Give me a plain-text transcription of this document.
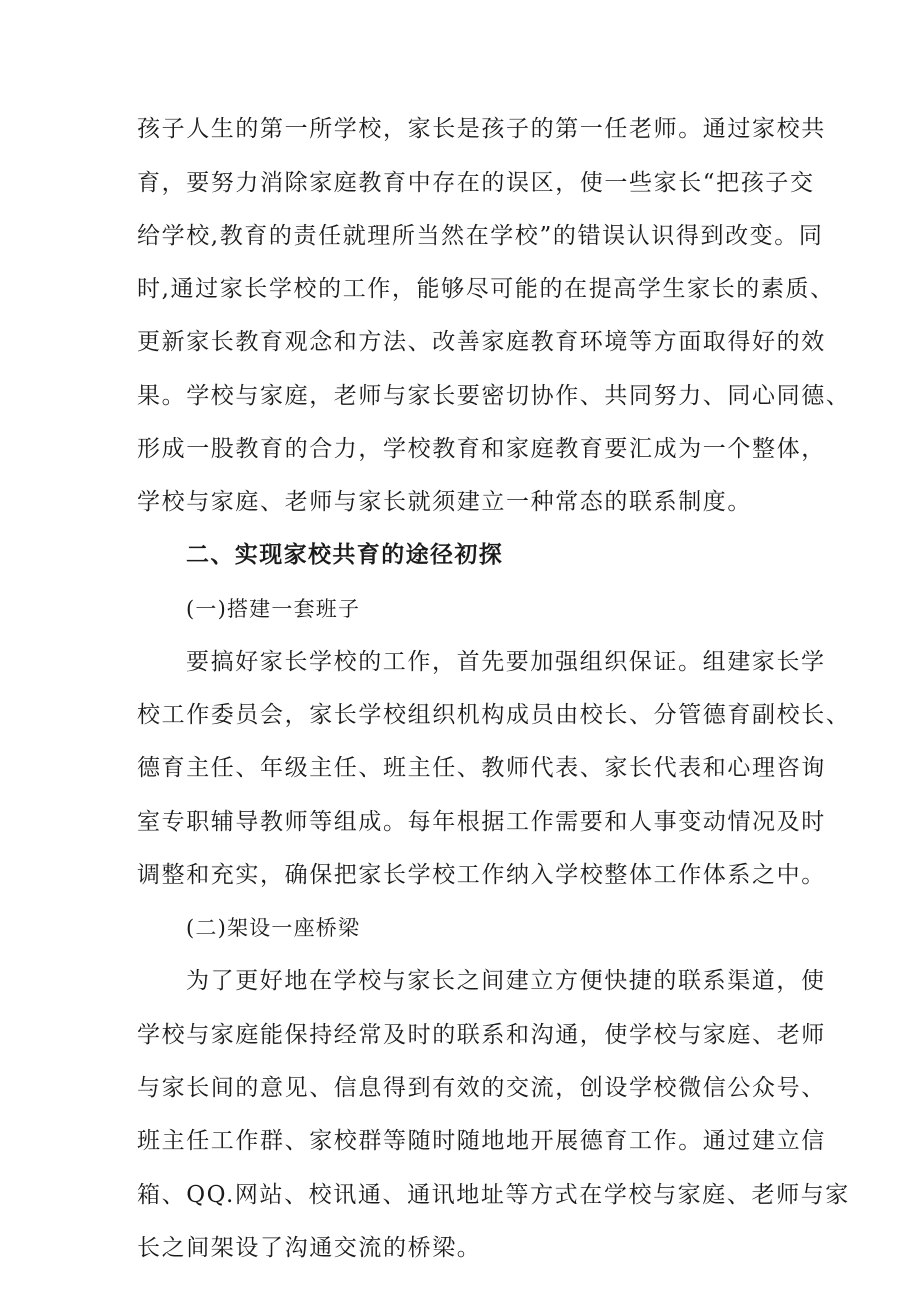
孩子人生的第一所学校，家长是孩子的第一任老师。通过家校共
育，要努力消除家庭教育中存在的误区，使一些家长“把孩子交
给学校,教育的责任就理所当然在学校”的错误认识得到改变。同
时,通过家长学校的工作，能够尽可能的在提高学生家长的素质、
更新家长教育观念和方法、改善家庭教育环境等方面取得好的效
果。学校与家庭，老师与家长要密切协作、共同努力、同心同德、
形成一股教育的合力，学校教育和家庭教育要汇成为一个整体，
学校与家庭、老师与家长就须建立一种常态的联系制度。
二、实现家校共育的途径初探
(一)搭建一套班子
要搞好家长学校的工作，首先要加强组织保证。组建家长学
校工作委员会，家长学校组织机构成员由校长、分管德育副校长、
德育主任、年级主任、班主任、教师代表、家长代表和心理咨询
室专职辅导教师等组成。每年根据工作需要和人事变动情况及时
调整和充实，确保把家长学校工作纳入学校整体工作体系之中。
(二)架设一座桥梁
为了更好地在学校与家长之间建立方便快捷的联系渠道，使
学校与家庭能保持经常及时的联系和沟通，使学校与家庭、老师
与家长间的意见、信息得到有效的交流，创设学校微信公众号、
班主任工作群、家校群等随时随地地开展德育工作。通过建立信
箱、QQ.网站、校讯通、通讯地址等方式在学校与家庭、老师与家
长之间架设了沟通交流的桥梁。
